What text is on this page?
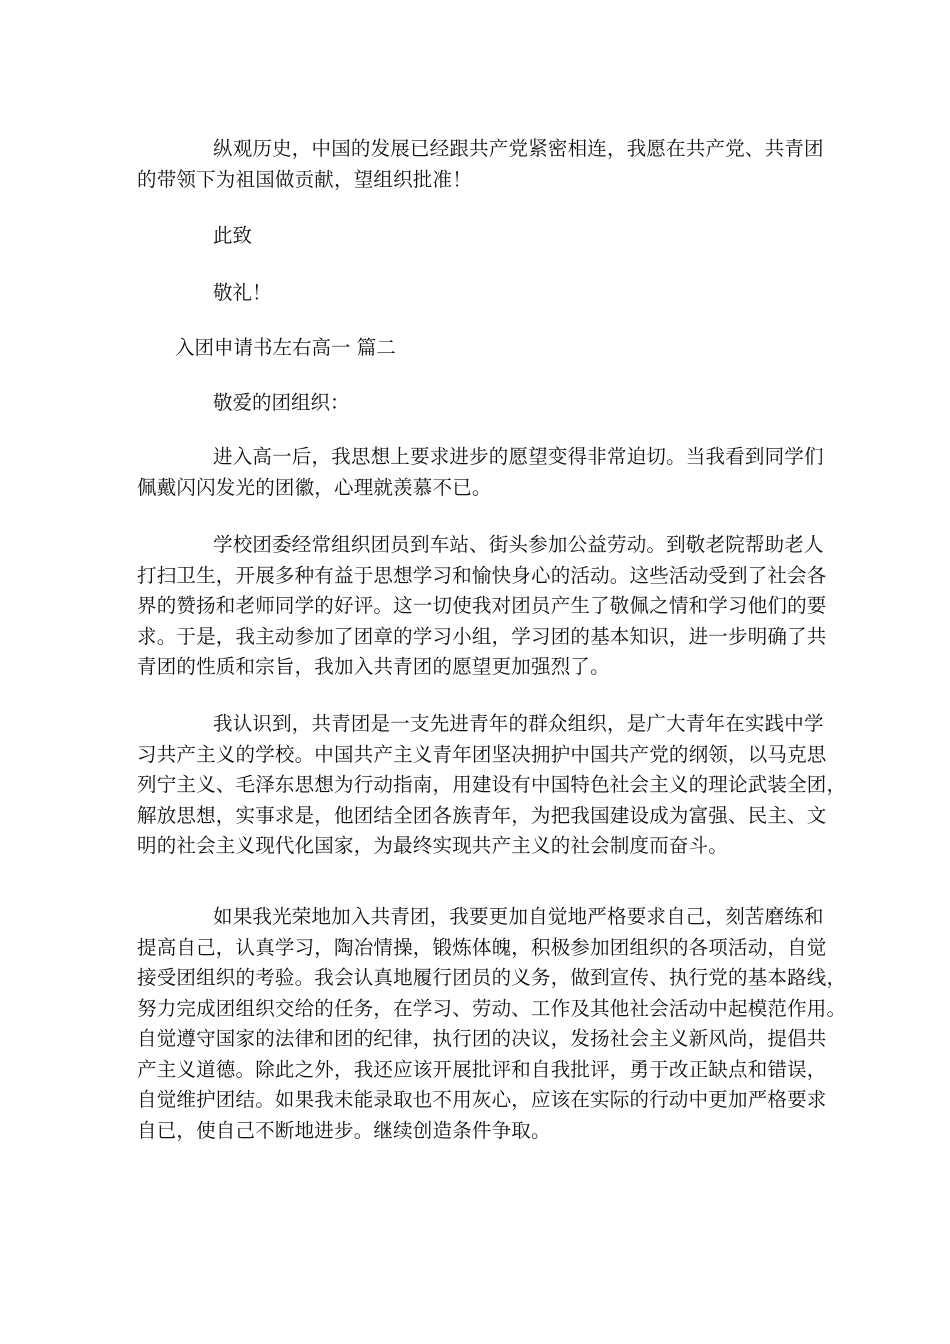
纵观历史，中国的发展已经跟共产党紧密相连，我愿在共产党、共青团
的带领下为祖国做贡献，望组织批准！

此致

敬礼！

入团申请书左右高一 篇二

敬爱的团组织：

进入高一后，我思想上要求进步的愿望变得非常迫切。当我看到同学们
佩戴闪闪发光的团徽，心理就羡慕不已。
学校团委经常组织团员到车站、街头参加公益劳动。到敬老院帮助老人
打扫卫生，开展多种有益于思想学习和愉快身心的活动。这些活动受到了社会各
界的赞扬和老师同学的好评。这一切使我对团员产生了敬佩之情和学习他们的要
求。于是，我主动参加了团章的学习小组，学习团的基本知识，进一步明确了共
青团的性质和宗旨，我加入共青团的愿望更加强烈了。
我认识到，共青团是一支先进青年的群众组织，是广大青年在实践中学
习共产主义的学校。中国共产主义青年团坚决拥护中国共产党的纲领，以马克思
列宁主义、毛泽东思想为行动指南，用建设有中国特色社会主义的理论武装全团，
解放思想，实事求是，他团结全团各族青年，为把我国建设成为富强、民主、文
明的社会主义现代化国家，为最终实现共产主义的社会制度而奋斗。
如果我光荣地加入共青团，我要更加自觉地严格要求自己，刻苦磨练和
提高自己，认真学习，陶冶情操，锻炼体魄，积极参加团组织的各项活动，自觉
接受团组织的考验。我会认真地履行团员的义务，做到宣传、执行党的基本路线，
努力完成团组织交给的任务，在学习、劳动、工作及其他社会活动中起模范作用。
自觉遵守国家的法律和团的纪律，执行团的决议，发扬社会主义新风尚，提倡共
产主义道德。除此之外，我还应该开展批评和自我批评，勇于改正缺点和错误，
自觉维护团结。如果我未能录取也不用灰心，应该在实际的行动中更加严格要求
自已，使自己不断地进步。继续创造条件争取。
